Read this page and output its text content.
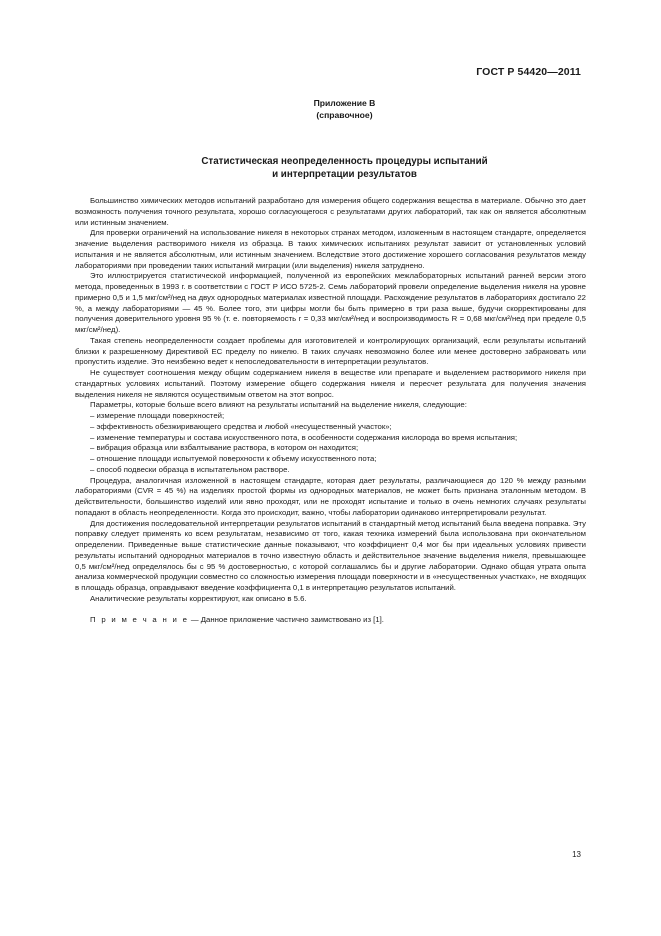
ГОСТ Р 54420—2011
Приложение В
(справочное)
Статистическая неопределенность процедуры испытаний
и интерпретации результатов

Большинство химических методов испытаний разработано для измерения общего содержания вещества в материале. Обычно это дает возможность получения точного результата, хорошо согласующегося с результатами других лабораторий, так как он является абсолютным или истинным значением.

Для проверки ограничений на использование никеля в некоторых странах методом, изложенным в настоящем стандарте, определяется значение выделения растворимого никеля из образца. В таких химических испытаниях результат зависит от установленных условий испытания и не является абсолютным, или истинным значением. Вследствие этого достижение хорошего согласования результатов между лабораториями при проведении таких испытаний миграции (или выделения) никеля затруднено.

Это иллюстрируется статистической информацией, полученной из европейских межлабораторных испытаний ранней версии этого метода, проведенных в 1993 г. в соответствии с ГОСТ Р ИСО 5725-2. Семь лабораторий провели определение выделения никеля на уровне примерно 0,5 и 1,5 мкг/см²/нед на двух однородных материалах известной площади. Расхождение результатов в лабораториях достигало 22 %, а между лабораториями — 45 %. Более того, эти цифры могли бы быть примерно в три раза выше, будучи скорректированы для получения доверительного уровня 95 % (т. е. повторяемость r = 0,33 мкг/см²/нед и воспроизводимость R = 0,68 мкг/см²/нед при пределе 0,5 мкг/см²/нед).

Такая степень неопределенности создает проблемы для изготовителей и контролирующих организаций, если результаты испытаний близки к разрешенному Директивой ЕС пределу по никелю. В таких случаях невозможно более или менее достоверно забраковать или пропустить изделие. Это неизбежно ведет к непоследовательности в интерпретации результатов.

Не существует соотношения между общим содержанием никеля в веществе или препарате и выделением растворимого никеля при стандартных условиях испытаний. Поэтому измерение общего содержания никеля и пересчет результата для получения значения выделения никеля не являются осуществимым ответом на этот вопрос.

Параметры, которые больше всего влияют на результаты испытаний на выделение никеля, следующие:

– измерение площади поверхностей;

– эффективность обезжиривающего средства и любой «несущественный участок»;

– изменение температуры и состава искусственного пота, в особенности содержания кислорода во время испытания;

– вибрация образца или взбалтывание раствора, в котором он находится;

– отношение площади испытуемой поверхности к объему искусственного пота;

– способ подвески образца в испытательном растворе.

Процедура, аналогичная изложенной в настоящем стандарте, которая дает результаты, различающиеся до 120 % между разными лабораториями (CVR = 45 %) на изделиях простой формы из однородных материалов, не может быть признана эталонным методом. В действительности, большинство изделий или явно проходят, или не проходят испытание и только в очень немногих случаях результаты попадают в область неопределенности. Когда это происходит, важно, чтобы лаборатории одинаково интерпретировали результат.

Для достижения последовательной интерпретации результатов испытаний в стандартный метод испытаний была введена поправка. Эту поправку следует применять ко всем результатам, независимо от того, какая техника измерений была использована при окончательном определении. Приведенные выше статистические данные показывают, что коэффициент 0,4 мог бы при идеальных условиях привести результаты испытаний однородных материалов в точно известную область и действительное значение выделения никеля, превышающее 0,5 мкг/см²/нед определялось бы с 95 % достоверностью, с которой соглашались бы и другие лаборатории. Однако общая утрата опыта анализа коммерческой продукции совместно со сложностью измерения площади поверхности и в «несущественных участках», не входящих в площадь образца, оправдывают введение коэффициента 0,1 в интерпретацию результатов испытаний.

Аналитические результаты корректируют, как описано в 5.6.

П р и м е ч а н и е — Данное приложение частично заимствовано из [1].

13
